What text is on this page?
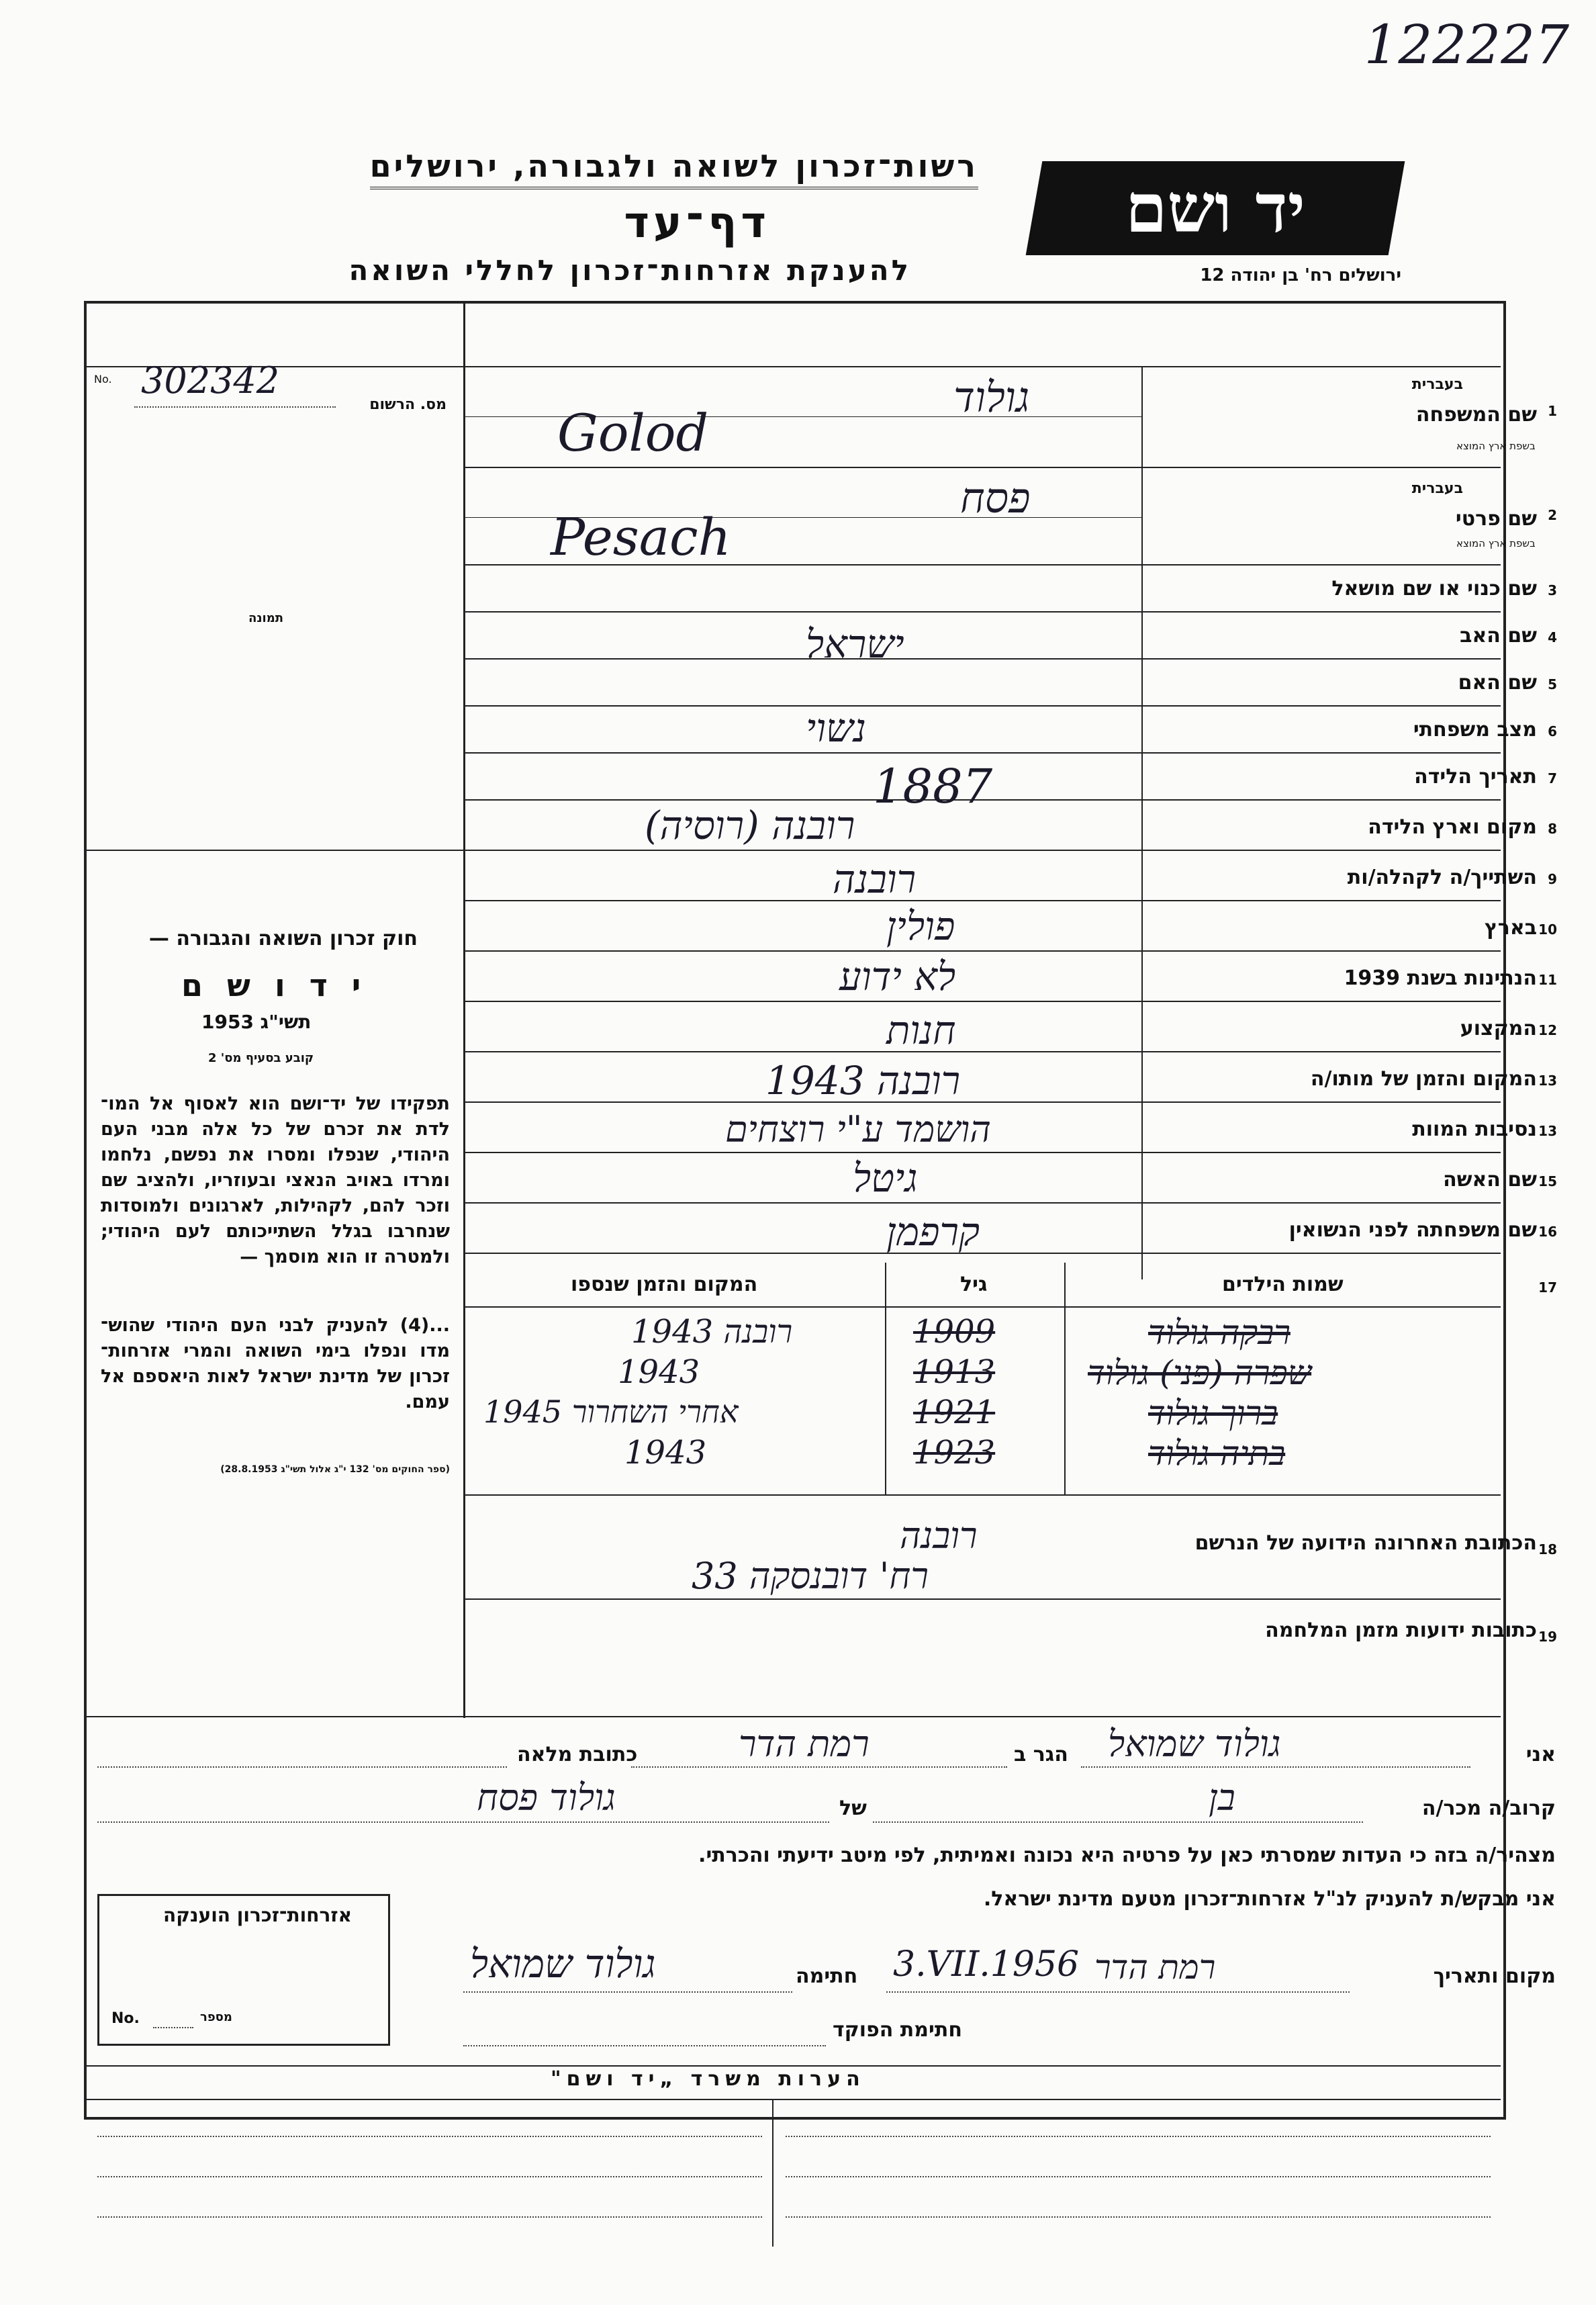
122227
רשות־זכרון לשואה ולגבורה, ירושלים
דף־עד
להענקת אזרחות־זכרון לחללי השואה
יד ושם
ירושלים רח' בן יהודה 12
No. 302342
מס. הרשום
תמונה
חוק זכרון השואה והגבורה —
י ד ו ש ם
תשי"ג 1953
קובע בסעיף מס' 2
תפקידו של יד־ושם הוא לאסוף אל המו־ לדת את זכרם של כל אלה מבני העם היהודי, שנפלו ומסרו את נפשם, נלחמו ומרדו באויב הנאצי ובעוזריו, ולהציב שם וזכר להם, לקהילות, לארגונים ולמוסדות שנחרבו בגלל השתייכותם לעם היהודי; ולמטרה זו הוא מוסמך —
...(4) להעניק לבני העם היהודי שהוש־ מדו ונפלו בימי השואה והמרי אזרחות־ זכרון של מדינת ישראל לאות היאספם אל עמם.
(ספר החוקים מס' 132 י"ג אלול תשי"ג 28.8.1953)
1
בעברית
שם המשפחה
בשפת ארץ המוצא
גולוד
Golod
2
בעברית
שם פרטי
בשפת ארץ המוצא
פסח
Pesach
3
שם כנוי או שם מושאל
4
שם האב
ישראל
5
שם האם
6
מצב משפחתי
נשוי
7
תאריך הלידה
1887
8
מקום וארץ הלידה
רובנה (רוסיה)
9
השתייך/ה לקהלה/ות
רובנה
10
בארץ
פולין
11
הנתינות בשנת 1939
לא ידוע
12
המקצוע
חנות
13
המקום והזמן של מותו/ה
רובנה 1943
13
נסיבות המוות
הושמד ע"י רוצחים
15
שם האשה
גיטל
16
שם משפחתה לפני הנשואין
קרפמן
17
שמות הילדים
גיל
המקום והזמן שנספו
רבקה גולוד
1909
רובנה 1943
שפרה (פני) גולוד
1913
1943
ברוך גולוד
1921
אחרי השחרור 1945
בתיה גולוד
1923
1943
18
הכתובת האחרונה הידועה של הנרשם
רובנה
רח' דובנסקה 33
19
כתובות ידועות מזמן המלחמה
אני
גולוד שמואל
הגר ב
רמת הדר
כתובת מלאה
קרוב/ה מכר/ה
בן
של
גולוד פסח
מצהיר/ה בזה כי העדות שמסרתי כאן על פרטיה היא נכונה ואמיתית, לפי מיטב ידיעתי והכרתי.
אני מבקש/ת להעניק לנ"ל אזרחות־זכרון מטעם מדינת ישראל.
מקום ותאריך
רמת הדר
3.VII.1956
חתימה
גולוד שמואל
חתימת הפוקד
אזרחות־זכרון הוענקה
No.	מספר
הערות משרד „יד ושם"
